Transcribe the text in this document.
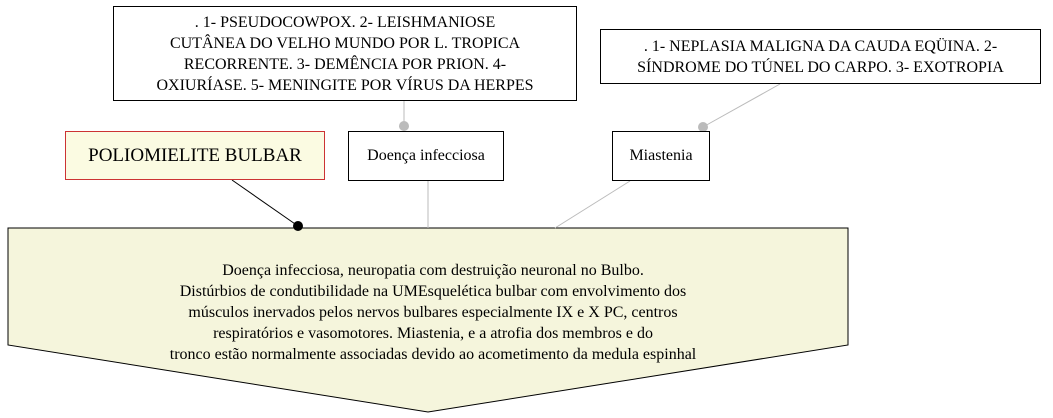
POLIOMIELITE BULBAR
. 1- PSEUDOCOWPOX. 2- LEISHMANIOSE
CUTÂNEA DO VELHO MUNDO POR L. TROPICA
RECORRENTE. 3- DEMÊNCIA POR PRION. 4-
OXIURÍASE. 5- MENINGITE POR VÍRUS DA HERPES
. 1- NEPLASIA MALIGNA DA CAUDA EQÜINA. 2-
SÍNDROME DO TÚNEL DO CARPO. 3- EXOTROPIA
Doença infecciosa	Miastenia
Doença infecciosa, neuropatia com destruição neuronal no Bulbo.
Distúrbios de condutibilidade na UMEsquelética bulbar com envolvimento dos
músculos inervados pelos nervos bulbares especialmente IX e X PC, centros
respiratórios e vasomotores. Miastenia, e a atrofia dos membros e do
tronco estão normalmente associadas devido ao acometimento da medula espinhal
